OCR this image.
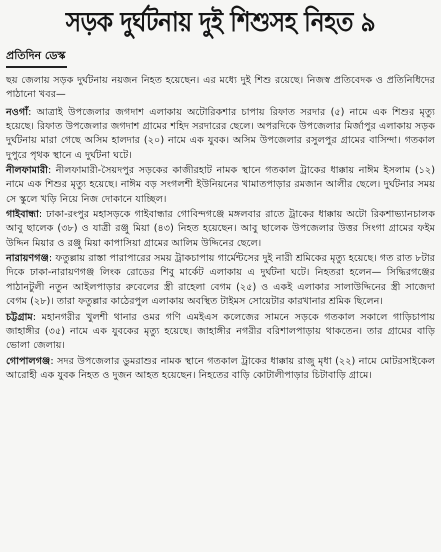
সড়ক দুর্ঘটনায় দুই শিশুসহ নিহত ৯
প্রতিদিন ডেস্ক

ছয় জেলায় সড়ক দুর্ঘটনায় নয়জন নিহত হয়েছেন। এর মধ্যে দুই শিশু রয়েছে। নিজস্ব প্রতিবেদক ও প্রতিনিধিদের পাঠানো খবর—

নওগাঁ: আত্রাই উপজেলার জগদাশ এলাকায় অটোরিকশার চাপায় রিফাত সরদার (৫) নামে এক শিশুর মৃত্যু হয়েছে। রিফাত উপজেলার জগদাশ গ্রামের শহিদ সরদারের ছেলে। অপরদিকে উপজেলার মির্জাপুর এলাকায় সড়ক দুর্ঘটনায় মারা গেছে অসিম হালদার (২০) নামে এক যুবক। অসিম উপজেলার রসুলপুর গ্রামের বাসিন্দা। গতকাল দুপুরে পৃথক স্থানে এ দুর্ঘটনা ঘটে।

নীলফামারী: নীলফামারী-সৈয়দপুর সড়কের কাজীরহাট নামক স্থানে গতকাল ট্রাকের ধাক্কায় নাঈম ইসলাম (১২) নামে এক শিশুর মৃত্যু হয়েছে। নাঈম বড় সংগলশী ইউনিয়নের খামাতপাড়ার রমজান আলীর ছেলে। দুর্ঘটনার সময় সে স্কুলে খড়ি নিয়ে নিজ দোকানে যাচ্ছিল।

গাইবান্ধা: ঢাকা-রংপুর মহাসড়কে গাইবান্ধার গোবিন্দগঞ্জে মঙ্গলবার রাতে ট্রাকের ধাক্কায় অটো রিকশাভ্যানচালক আবু ছালেক (৩৮) ও যাত্রী রঞ্জু মিয়া (৪৩) নিহত হয়েছেন। আবু ছালেক উপজেলার উত্তর সিংগা গ্রামের ফইম উদ্দিন মিয়ার ও রঞ্জু মিয়া কাপাসিয়া গ্রামের আলিম উদ্দিনের ছেলে।

নারায়ণগঞ্জ: ফতুল্লায় রাস্তা পারাপারের সময় ট্রাকচাপায় গার্মেন্টসের দুই নারী শ্রমিকের মৃত্যু হয়েছে। গত রাত ৮টার দিকে ঢাকা-নারায়ণগঞ্জ লিংক রোডের শিবু মার্কেট এলাকায় এ দুর্ঘটনা ঘটে। নিহতরা হলেন— সিদ্ধিরগঞ্জের পাঠানটুলী নতুন আইলপাড়ার রুবেলের স্ত্রী রাহেলা বেগম (২৫) ও একই এলাকার সালাউদ্দিনের স্ত্রী সাজেদা বেগম (২৮)। তারা ফতুল্লার কাঠেরপুল এলাকায় অবস্থিত টাইমস সোয়েটার কারখানার শ্রমিক ছিলেন।

চট্টগ্রাম: মহানগরীর খুলশী থানার ওমর গণি এমইএস কলেজের সামনে সড়কে গতকাল সকালে গাড়িচাপায় জাহাঙ্গীর (৩৫) নামে এক যুবকের মৃত্যু হয়েছে। জাহাঙ্গীর নগরীর বরিশালপাড়ায় থাকতেন। তার গ্রামের বাড়ি ভোলা জেলায়।

গোপালগঞ্জ: সদর উপজেলার ডুমরাশুর নামক স্থানে গতকাল ট্রাকের ধাক্কায় রাজু মৃধা (২২) নামে মোটরসাইকেল আরোহী এক যুবক নিহত ও দুজন আহত হয়েছেন। নিহতের বাড়ি কোটালীপাড়ার চিটাবাড়ি গ্রামে।
